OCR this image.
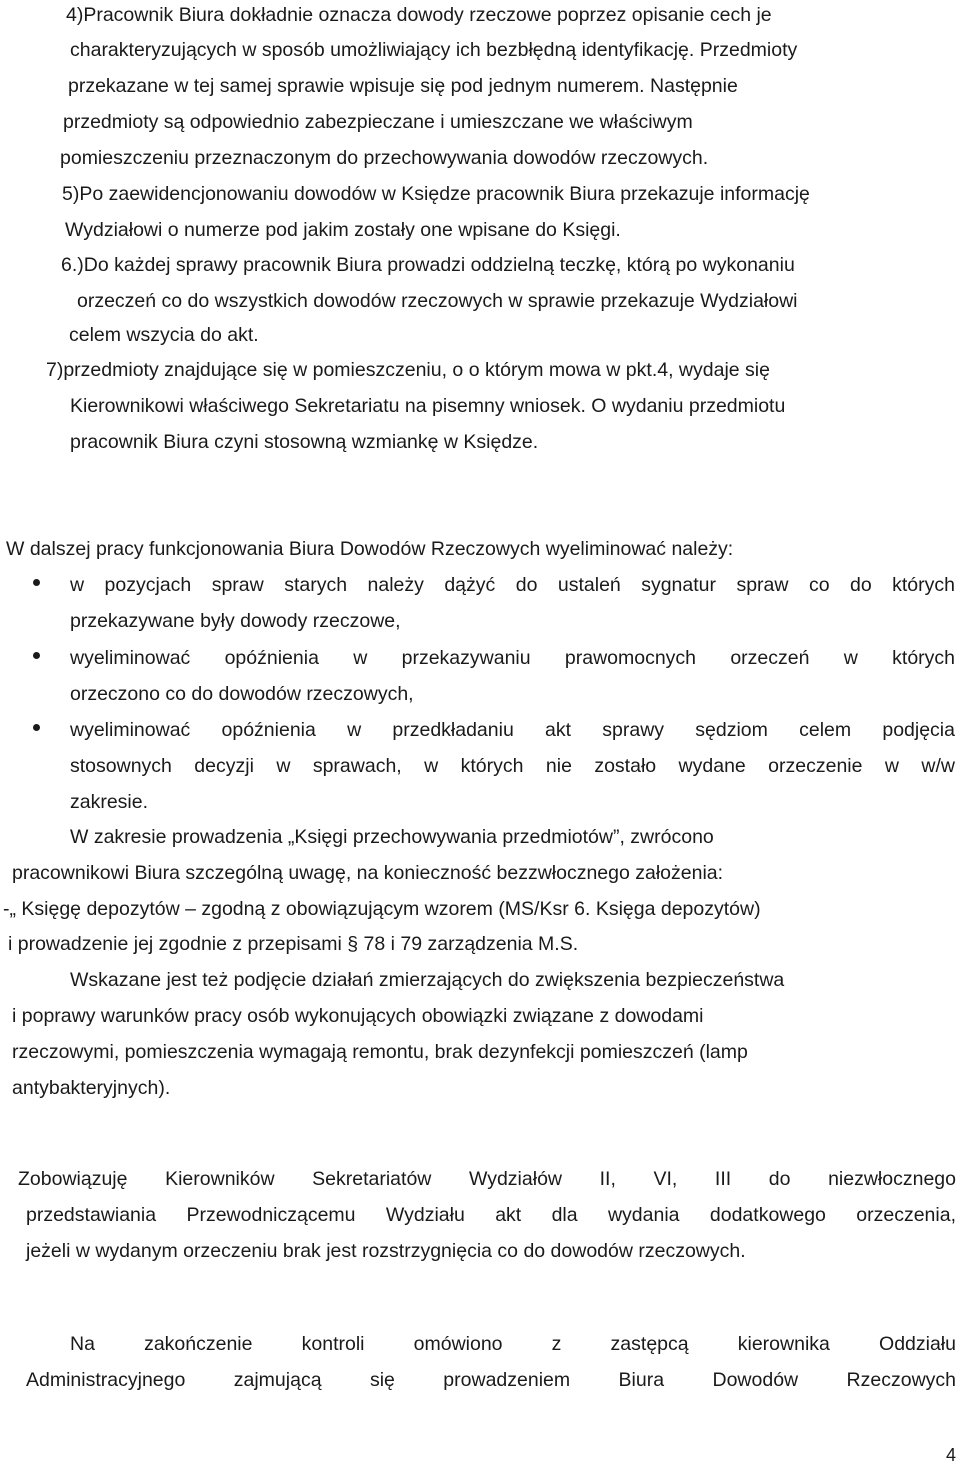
4)Pracownik Biura dokładnie oznacza dowody rzeczowe poprzez opisanie cech je
charakteryzujących w sposób umożliwiający ich bezbłędną identyfikację. Przedmioty
przekazane w tej samej sprawie wpisuje się pod jednym numerem. Następnie
przedmioty są odpowiednio zabezpieczane i umieszczane we właściwym
pomieszczeniu przeznaczonym do przechowywania dowodów rzeczowych.
5)Po zaewidencjonowaniu dowodów w Księdze pracownik Biura przekazuje informację
Wydziałowi o numerze pod jakim zostały one wpisane do Księgi.
6.)Do każdej sprawy pracownik Biura prowadzi oddzielną teczkę, którą po wykonaniu
orzeczeń co do wszystkich dowodów rzeczowych w sprawie przekazuje Wydziałowi
celem wszycia do akt.
7)przedmioty znajdujące się w pomieszczeniu, o o którym mowa w pkt.4, wydaje się
Kierownikowi właściwego Sekretariatu na pisemny wniosek. O wydaniu przedmiotu
pracownik Biura czyni stosowną wzmiankę w Księdze.
W dalszej pracy funkcjonowania Biura Dowodów Rzeczowych wyeliminować należy:
w pozycjach spraw starych należy dążyć do ustaleń sygnatur spraw co do których
przekazywane były dowody rzeczowe,
wyeliminować opóźnienia w przekazywaniu prawomocnych orzeczeń w których
orzeczono co do dowodów rzeczowych,
wyeliminować opóźnienia w przedkładaniu akt sprawy sędziom celem podjęcia
stosownych decyzji w sprawach, w których nie zostało wydane orzeczenie w w/w
zakresie.
W zakresie prowadzenia „Księgi przechowywania przedmiotów”, zwrócono
pracownikowi Biura szczególną uwagę, na konieczność bezzwłocznego założenia:
-„ Księgę depozytów – zgodną z obowiązującym wzorem (MS/Ksr 6. Księga depozytów)
i prowadzenie jej zgodnie z przepisami § 78 i 79 zarządzenia M.S.
Wskazane jest też podjęcie działań zmierzających do zwiększenia bezpieczeństwa
i poprawy warunków pracy osób wykonujących obowiązki związane z dowodami
rzeczowymi, pomieszczenia wymagają remontu, brak dezynfekcji pomieszczeń (lamp
antybakteryjnych).
Zobowiązuję Kierowników Sekretariatów Wydziałów II, VI, III do niezwłocznego
przedstawiania Przewodniczącemu Wydziału akt dla wydania dodatkowego orzeczenia,
jeżeli w wydanym orzeczeniu brak jest rozstrzygnięcia co do dowodów rzeczowych.
Na zakończenie kontroli omówiono z zastępcą kierownika Oddziału
Administracyjnego zajmującą się prowadzeniem Biura Dowodów Rzeczowych
4
